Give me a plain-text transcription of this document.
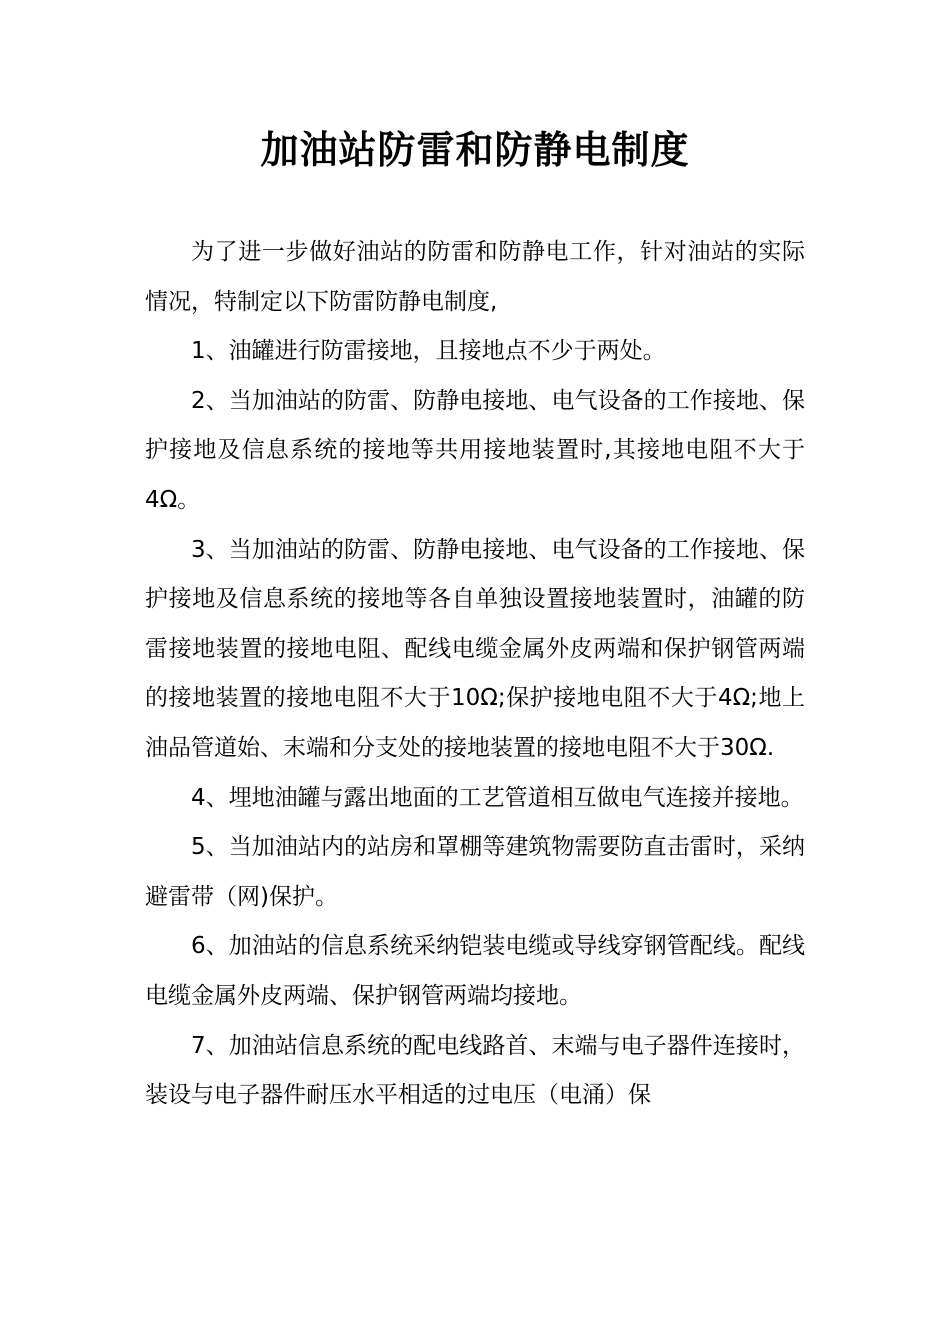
加油站防雷和防静电制度

为了进一步做好油站的防雷和防静电工作，针对油站的实际情况，特制定以下防雷防静电制度,

1、油罐进行防雷接地，且接地点不少于两处。

2、当加油站的防雷、防静电接地、电气设备的工作接地、保护接地及信息系统的接地等共用接地装置时,其接地电阻不大于4Ω。

3、当加油站的防雷、防静电接地、电气设备的工作接地、保护接地及信息系统的接地等各自单独设置接地装置时，油罐的防雷接地装置的接地电阻、配线电缆金属外皮两端和保护钢管两端的接地装置的接地电阻不大于10Ω;保护接地电阻不大于4Ω;地上油品管道始、末端和分支处的接地装置的接地电阻不大于30Ω.

4、埋地油罐与露出地面的工艺管道相互做电气连接并接地。

5、当加油站内的站房和罩棚等建筑物需要防直击雷时，采纳避雷带（网)保护。

6、加油站的信息系统采纳铠装电缆或导线穿钢管配线。配线电缆金属外皮两端、保护钢管两端均接地。

7、加油站信息系统的配电线路首、末端与电子器件连接时，装设与电子器件耐压水平相适的过电压（电涌）保
